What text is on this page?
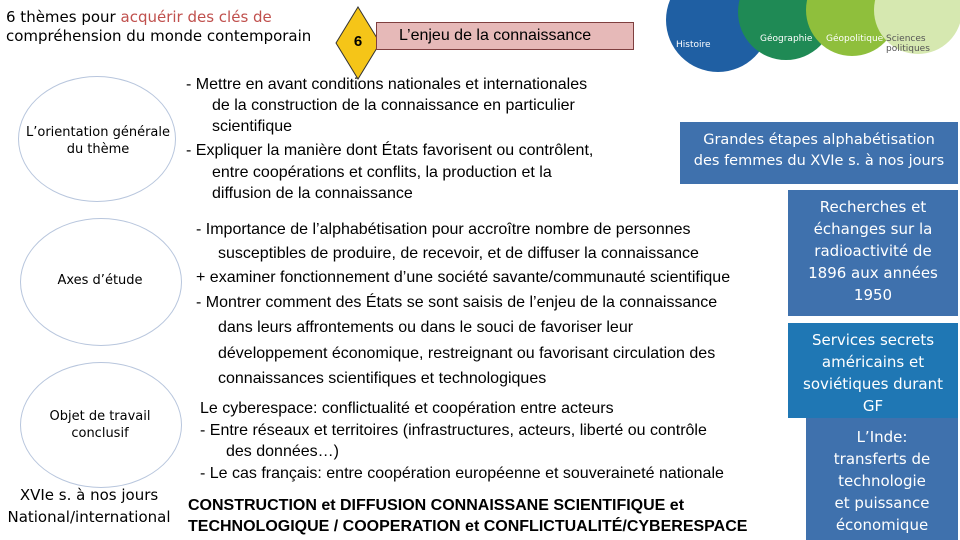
6 thèmes pour acquérir des clés de
compréhension du monde contemporain	6	L’enjeu de la connaissance
Histoire
Géographie Géopolitique Sciences politiques
L’orientation générale
du thème
Axes d’étude
Objet de travail
conclusif
XVIe s. à nos jours
National/international
- Mettre en avant conditions nationales et internationales
de la construction de la connaissance en particulier
scientifique
- Expliquer la manière dont États favorisent ou contrôlent,
entre coopérations et conflits, la production et la
diffusion de la connaissance
- Importance de l’alphabétisation pour accroître nombre de personnes
susceptibles de produire, de recevoir, et de diffuser la connaissance
+ examiner fonctionnement d’une société savante/communauté scientifique
- Montrer comment des États se sont saisis de l’enjeu de la connaissance
dans leurs affrontements ou dans le souci de favoriser leur
développement économique, restreignant ou favorisant circulation des
connaissances scientifiques et technologiques
Le cyberespace: conflictualité et coopération entre acteurs
- Entre réseaux et territoires (infrastructures, acteurs, liberté ou contrôle
des données…)
- Le cas français: entre coopération européenne et souveraineté nationale
CONSTRUCTION et DIFFUSION CONNAISSANE SCIENTIFIQUE et
TECHNOLOGIQUE / COOPERATION et CONFLICTUALITÉ/CYBERESPACE
Grandes étapes alphabétisation
des femmes du XVIe s. à nos jours
Recherches et
échanges sur la
radioactivité de
1896 aux années
1950
Services secrets
américains et
soviétiques durant
GF
L’Inde:
transferts de
technologie
et puissance
économique
